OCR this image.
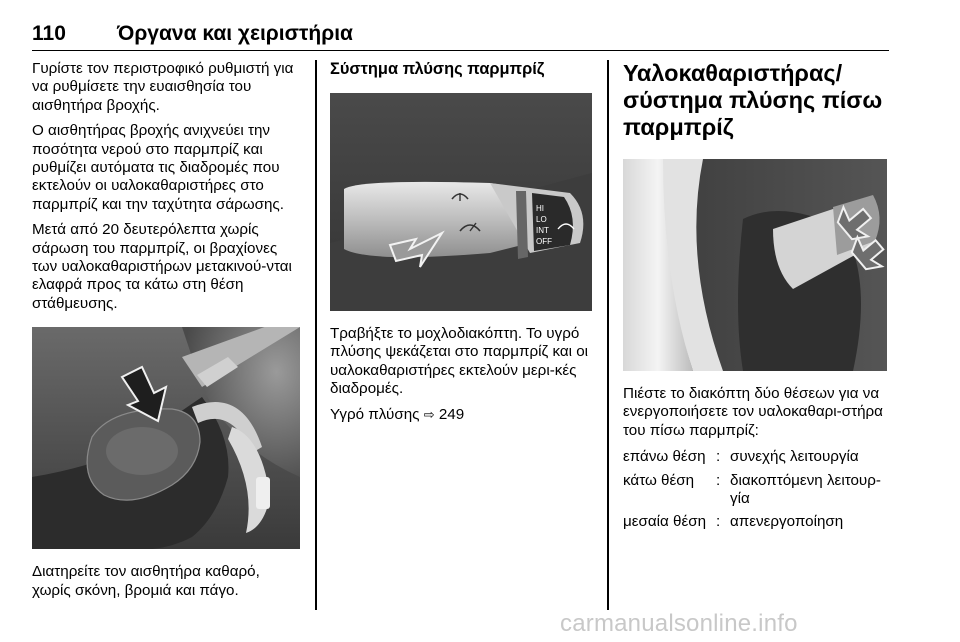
110 Όργανα και χειριστήρια

Γυρίστε τον περιστροφικό ρυθμιστή για να ρυθμίσετε την ευαισθησία του αισθητήρα βροχής.

Ο αισθητήρας βροχής ανιχνεύει την ποσότητα νερού στο παρμπρίζ και ρυθμίζει αυτόματα τις διαδρομές που εκτελούν οι υαλοκαθαριστήρες στο παρμπρίζ και την ταχύτητα σάρωσης.

Μετά από 20 δευτερόλεπτα χωρίς σάρωση του παρμπρίζ, οι βραχίονες των υαλοκαθαριστήρων μετακινού-νται ελαφρά προς τα κάτω στη θέση στάθμευσης.

Διατηρείτε τον αισθητήρα καθαρό, χωρίς σκόνη, βρομιά και πάγο.

Σύστημα πλύσης παρμπρίζ
HI
LO
INT
OFF

Τραβήξτε το μοχλοδιακόπτη. Το υγρό πλύσης ψεκάζεται στο παρμπρίζ και οι υαλοκαθαριστήρες εκτελούν μερι-κές διαδρομές.

Υγρό πλύσης ⇨ 249

Υαλοκαθαριστήρας/ σύστημα πλύσης πίσω παρμπρίζ

Πιέστε το διακόπτη δύο θέσεων για να ενεργοποιήσετε τον υαλοκαθαρι-στήρα του πίσω παρμπρίζ:

επάνω θέση : συνεχής λειτουργία
κάτω θέση	: διακοπτόμενη λειτουρ-γία
μεσαία θέση : απενεργοποίηση
carmanualsonline.info
